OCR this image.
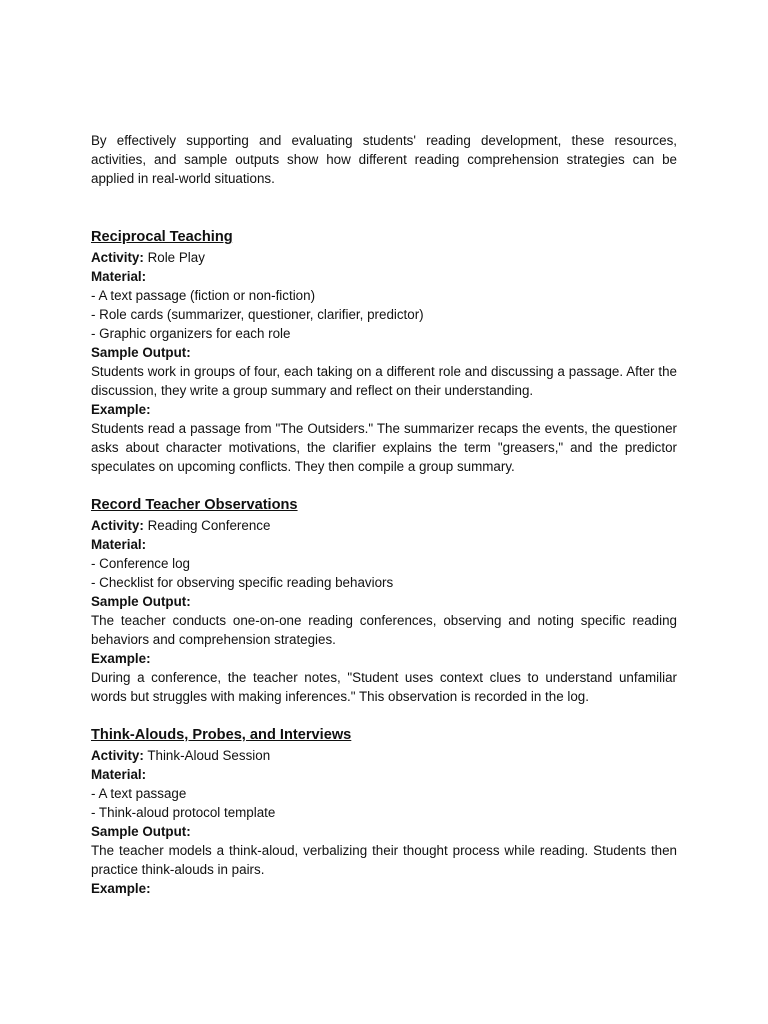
By effectively supporting and evaluating students' reading development, these resources, activities, and sample outputs show how different reading comprehension strategies can be applied in real-world situations.

Reciprocal Teaching

Activity: Role Play

Material:

- A text passage (fiction or non-fiction)
- Role cards (summarizer, questioner, clarifier, predictor)
- Graphic organizers for each role

Sample Output:

Students work in groups of four, each taking on a different role and discussing a passage. After the discussion, they write a group summary and reflect on their understanding.

Example:

Students read a passage from "The Outsiders." The summarizer recaps the events, the questioner asks about character motivations, the clarifier explains the term "greasers," and the predictor speculates on upcoming conflicts. They then compile a group summary.

Record Teacher Observations

Activity: Reading Conference

Material:

- Conference log
- Checklist for observing specific reading behaviors

Sample Output:

The teacher conducts one-on-one reading conferences, observing and noting specific reading behaviors and comprehension strategies.

Example:

During a conference, the teacher notes, "Student uses context clues to understand unfamiliar words but struggles with making inferences." This observation is recorded in the log.

Think-Alouds, Probes, and Interviews

Activity: Think-Aloud Session

Material:

- A text passage
- Think-aloud protocol template

Sample Output:

The teacher models a think-aloud, verbalizing their thought process while reading. Students then practice think-alouds in pairs.

Example:
